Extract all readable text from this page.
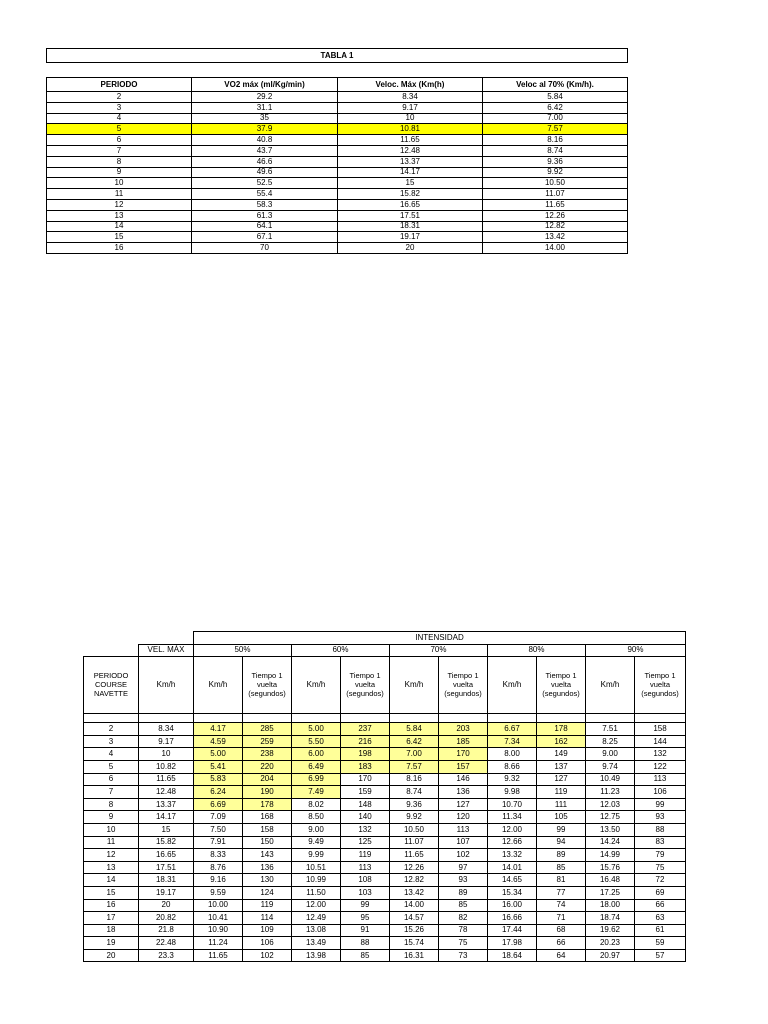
TABLA 1
PERIODO	VO2 máx (ml/Kg/min)	Veloc. Máx (Km(h)	Veloc al 70% (Km/h).
2	29.2	8.34	5.84
3	31.1	9.17	6.42
4	35	10	7.00
5	37.9	10.81	7.57
6	40.8	11.65	8.16
7	43.7	12.48	8.74
8	46.6	13.37	9.36
9	49.6	14.17	9.92
10	52.5	15	10.50
11	55.4	15.82	11.07
12	58.3	16.65	11.65
13	61.3	17.51	12.26
14	64.1	18.31	12.82
15	67.1	19.17	13.42
16	70	20	14.00
		INTENSIDAD									
	VEL. MÁX	50%		60%		70%		80%		90%	
PERIODO COURSE NAVETTE	Km/h	Km/h	Tiempo 1 vuelta (segundos)	Km/h	Tiempo 1 vuelta (segundos)	Km/h	Tiempo 1 vuelta (segundos)	Km/h	Tiempo 1 vuelta (segundos)	Km/h	Tiempo 1 vuelta (segundos)

2	8.34	4.17	285	5.00	237	5.84	203	6.67	178	7.51	158
3	9.17	4.59	259	5.50	216	6.42	185	7.34	162	8.25	144
4	10	5.00	238	6.00	198	7.00	170	8.00	149	9.00	132
5	10.82	5.41	220	6.49	183	7.57	157	8.66	137	9.74	122
6	11.65	5.83	204	6.99	170	8.16	146	9.32	127	10.49	113
7	12.48	6.24	190	7.49	159	8.74	136	9.98	119	11.23	106
8	13.37	6.69	178	8.02	148	9.36	127	10.70	111	12.03	99
9	14.17	7.09	168	8.50	140	9.92	120	11.34	105	12.75	93
10	15	7.50	158	9.00	132	10.50	113	12.00	99	13.50	88
11	15.82	7.91	150	9.49	125	11.07	107	12.66	94	14.24	83
12	16.65	8.33	143	9.99	119	11.65	102	13.32	89	14.99	79
13	17.51	8.76	136	10.51	113	12.26	97	14.01	85	15.76	75
14	18.31	9.16	130	10.99	108	12.82	93	14.65	81	16.48	72
15	19.17	9.59	124	11.50	103	13.42	89	15.34	77	17.25	69
16	20	10.00	119	12.00	99	14.00	85	16.00	74	18.00	66
17	20.82	10.41	114	12.49	95	14.57	82	16.66	71	18.74	63
18	21.8	10.90	109	13.08	91	15.26	78	17.44	68	19.62	61
19	22.48	11.24	106	13.49	88	15.74	75	17.98	66	20.23	59
20	23.3	11.65	102	13.98	85	16.31	73	18.64	64	20.97	57
